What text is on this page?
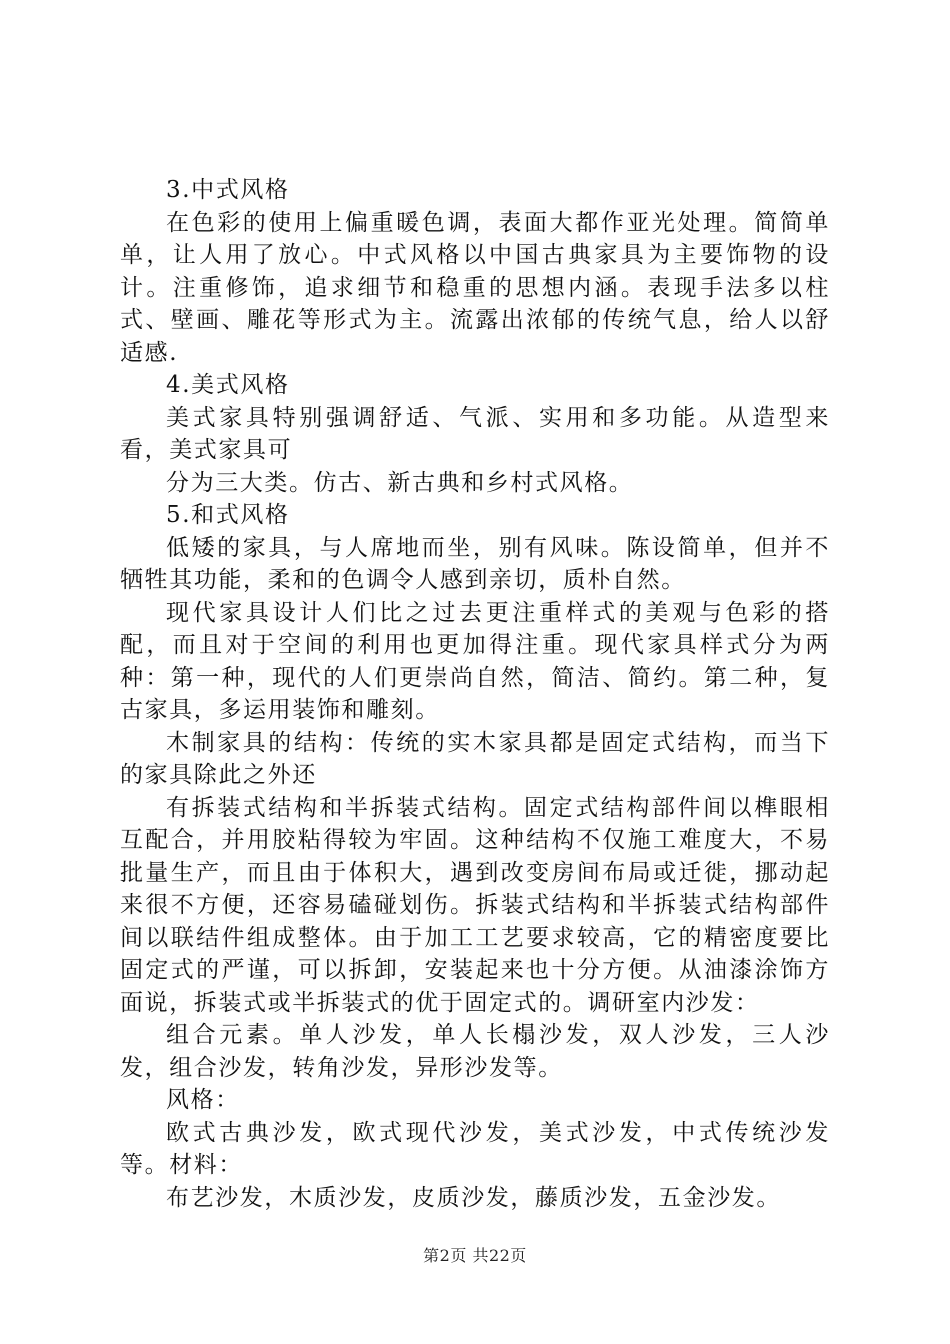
3.中式风格

在色彩的使用上偏重暖色调，表面大都作亚光处理。简简单单，让人用了放心。中式风格以中国古典家具为主要饰物的设计。注重修饰，追求细节和稳重的思想内涵。表现手法多以柱式、壁画、雕花等形式为主。流露出浓郁的传统气息，给人以舒适感.

4.美式风格

美式家具特别强调舒适、气派、实用和多功能。从造型来看，美式家具可

分为三大类。仿古、新古典和乡村式风格。

5.和式风格

低矮的家具，与人席地而坐，别有风味。陈设简单，但并不牺牲其功能，柔和的色调令人感到亲切，质朴自然。

现代家具设计人们比之过去更注重样式的美观与色彩的搭配，而且对于空间的利用也更加得注重。现代家具样式分为两种：第一种，现代的人们更崇尚自然，简洁、简约。第二种，复古家具，多运用装饰和雕刻。

木制家具的结构：传统的实木家具都是固定式结构，而当下的家具除此之外还

有拆装式结构和半拆装式结构。固定式结构部件间以榫眼相互配合，并用胶粘得较为牢固。这种结构不仅施工难度大，不易批量生产，而且由于体积大，遇到改变房间布局或迁徙，挪动起来很不方便，还容易磕碰划伤。拆装式结构和半拆装式结构部件间以联结件组成整体。由于加工工艺要求较高，它的精密度要比固定式的严谨，可以拆卸，安装起来也十分方便。从油漆涂饰方面说，拆装式或半拆装式的优于固定式的。调研室内沙发：

组合元素。单人沙发，单人长榻沙发，双人沙发，三人沙发，组合沙发，转角沙发，异形沙发等。

风格：

欧式古典沙发，欧式现代沙发，美式沙发，中式传统沙发等。材料：

布艺沙发，木质沙发，皮质沙发，藤质沙发，五金沙发。

第2页 共22页
